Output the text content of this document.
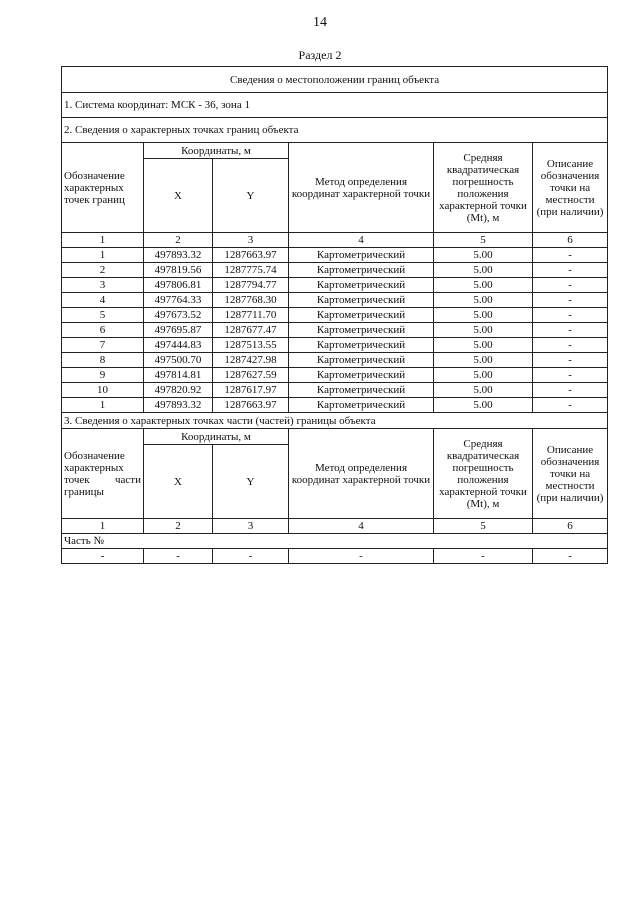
14
Раздел 2
Сведения о местоположении границ объекта					
1. Система координат: МСК - 36, зона 1					
2. Сведения о характерных точках границ объекта					
Обозначение характерных точек границ	Координаты, м		Метод определения координат характерной точки	Средняя квадратическая погрешность положения характерной точки (Mt), м	Описание обозначения точки на местности (при наличии)
	X	Y			
1	2	3	4	5	6
1	497893.32	1287663.97	Картометрический	5.00	-
2	497819.56	1287775.74	Картометрический	5.00	-
3	497806.81	1287794.77	Картометрический	5.00	-
4	497764.33	1287768.30	Картометрический	5.00	-
5	497673.52	1287711.70	Картометрический	5.00	-
6	497695.87	1287677.47	Картометрический	5.00	-
7	497444.83	1287513.55	Картометрический	5.00	-
8	497500.70	1287427.98	Картометрический	5.00	-
9	497814.81	1287627.59	Картометрический	5.00	-
10	497820.92	1287617.97	Картометрический	5.00	-
1	497893.32	1287663.97	Картометрический	5.00	-
3. Сведения о характерных точках части (частей) границы объекта					
Обозначение характерных точек части границы	Координаты, м		Метод определения координат характерной точки	Средняя квадратическая погрешность положения характерной точки (Mt), м	Описание обозначения точки на местности (при наличии)
	X	Y			
1	2	3	4	5	6
Часть №					
-	-	-	-	-	-
